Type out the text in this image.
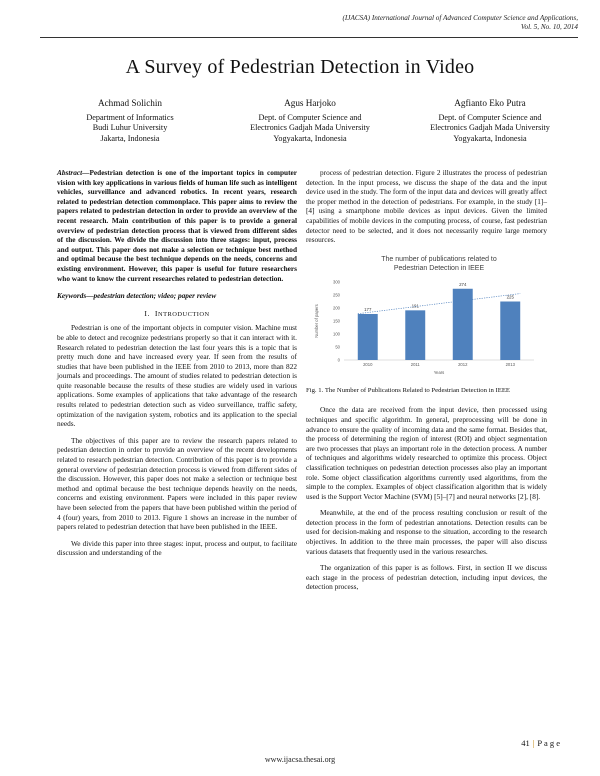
(IJACSA) International Journal of Advanced Computer Science and Applications,
Vol. 5, No. 10, 2014
A Survey of Pedestrian Detection in Video
Achmad Solichin
Department of Informatics
Budi Luhur University
Jakarta, Indonesia
Agus Harjoko
Dept. of Computer Science and
Electronics Gadjah Mada University
Yogyakarta, Indonesia
Agfianto Eko Putra
Dept. of Computer Science and
Electronics Gadjah Mada University
Yogyakarta, Indonesia
Abstract—Pedestrian detection is one of the important topics in computer vision with key applications in various fields of human life such as intelligent vehicles, surveillance and advanced robotics. In recent years, research related to pedestrian detection commonplace. This paper aims to review the papers related to pedestrian detection in order to provide an overview of the recent research. Main contribution of this paper is to provide a general overview of pedestrian detection process that is viewed from different sides of the discussion. We divide the discussion into three stages: input, process and output. This paper does not make a selection or technique best method and optimal because the best technique depends on the needs, concerns and existing environment. However, this paper is useful for future researchers who want to know the current researches related to pedestrian detection.
Keywords—pedestrian detection; video; paper review
I. INTRODUCTION

Pedestrian is one of the important objects in computer vision. Machine must be able to detect and recognize pedestrians properly so that it can interact with it. Research related to pedestrian detection the last four years this is a topic that is pretty much done and have increased every year. If seen from the results of studies that have been published in the IEEE from 2010 to 2013, more than 822 journals and proceedings. The amount of studies related to pedestrian detection is quite reasonable because the results of these studies are widely used in various applications. Some examples of applications that take advantage of the research results related to pedestrian detection such as video surveillance, traffic safety, optimization of the navigation system, robotics and its application to the special needs.

The objectives of this paper are to review the research papers related to pedestrian detection in order to provide an overview of the recent developments related to research pedestrian detection. Contribution of this paper is to provide a general overview of pedestrian detection process is viewed from different sides of the discussion. However, this paper does not make a selection or technique best method and optimal because the best technique depends heavily on the needs, concerns and existing environment. Papers were included in this paper review have been selected from the papers that have been published within the period of 4 (four) years, from 2010 to 2013. Figure 1 shows an increase in the number of papers related to pedestrian detection that have been published in the IEEE.

We divide this paper into three stages: input, process and output, to facilitate discussion and understanding of the

process of pedestrian detection. Figure 2 illustrates the process of pedestrian detection. In the input process, we discuss the shape of the data and the input device used in the study. The form of the input data and devices will greatly affect the proper method in the detection of pedestrians. For example, in the study [1]–[4] using a smartphone mobile devices as input devices. Given the limited capabilities of mobile devices in the computing process, of course, fast pedestrian detector need to be selected, and it does not necessarily require large memory resources.

The number of publications related to
Pedestrian Detection in IEEE
0
50
100
150
200
250
300
Number of papers	177
2010
191
2011
274
2012
225
2013
Years
Fig. 1. The Number of Publications Related to Pedestrian Detection in IEEE

Once the data are received from the input device, then processed using techniques and specific algorithm. In general, preprocessing will be done in advance to ensure the quality of incoming data and the same format. Besides that, the process of determining the region of interest (ROI) and object segmentation are two processes that plays an important role in the detection process. A number of techniques and algorithms widely researched to optimize this process. Object classification techniques on pedestrian detection processes also play an important role. Some object classification algorithms currently used algorithms, from the simple to the complex. Examples of object classification algorithm that is widely used is the Support Vector Machine (SVM) [5]–[7] and neural networks [2], [8].

Meanwhile, at the end of the process resulting conclusion or result of the detection process in the form of pedestrian annotations. Detection results can be used for decision-making and response to the situation, according to the research objectives. In addition to the three main processes, the paper will also discuss various datasets that frequently used in the various researches.

The organization of this paper is as follows. First, in section II we discuss each stage in the process of pedestrian detection, including input devices, the detection process,

41 | P a g e
www.ijacsa.thesai.org
